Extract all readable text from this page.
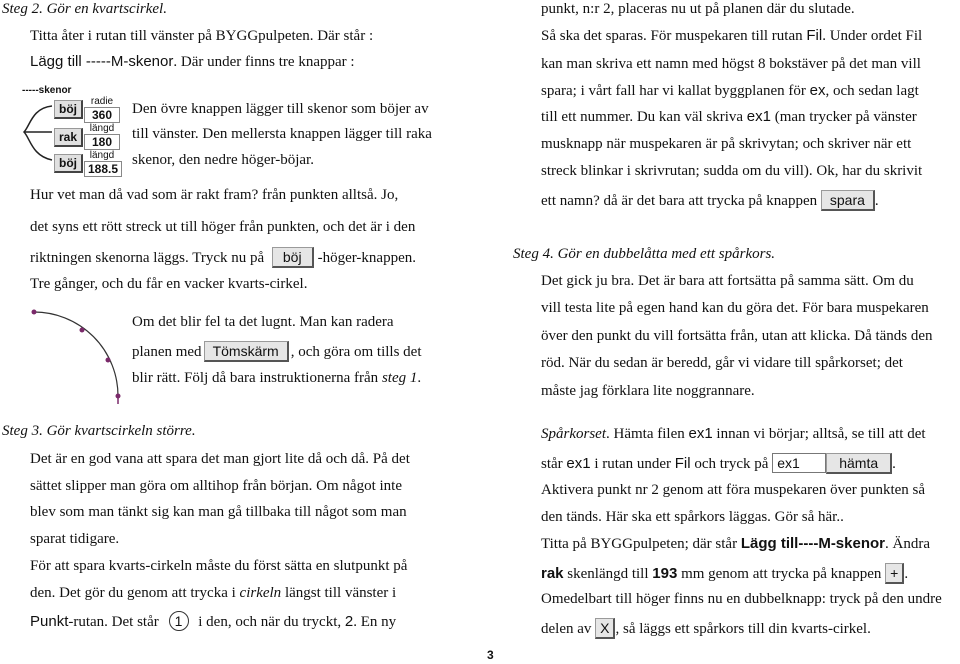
Steg 2. Gör en kvartscirkel.
Titta åter i rutan till vänster på BYGGpulpeten. Där står :
Lägg till -----M-skenor. Där under finns tre knappar :
-----skenor
böj
radie
360
rak
längd
180
böj
längd
188.5
Den övre knappen lägger till skenor som böjer av
till vänster. Den mellersta knappen lägger till raka
skenor, den nedre höger-böjar.
Hur vet man då vad som är rakt fram? från punkten alltså. Jo,
det syns ett rött streck ut till höger från punkten, och det är i den
riktningen skenorna läggs. Tryck nu på böj -höger-knappen.
Tre gånger, och du får en vacker kvarts-cirkel.
Om det blir fel ta det lugnt. Man kan radera
planen med Tömskärm , och göra om tills det
blir rätt. Följ då bara instruktionerna från steg 1.
Steg 3. Gör kvartscirkeln större.
Det är en god vana att spara det man gjort lite då och då. På det
sättet slipper man göra om alltihop från början. Om något inte
blev som man tänkt sig kan man gå tillbaka till något som man
sparat tidigare.
För att spara kvarts-cirkeln måste du först sätta en slutpunkt på
den. Det gör du genom att trycka i cirkeln längst till vänster i
Punkt-rutan. Det står 1 i den, och när du tryckt, 2. En ny
punkt, n:r 2, placeras nu ut på planen där du slutade.
Så ska det sparas. För muspekaren till rutan Fil. Under ordet Fil
kan man skriva ett namn med högst 8 bokstäver på det man vill
spara; i vårt fall har vi kallat byggplanen för ex, och sedan lagt
till ett nummer. Du kan väl skriva ex1 (man trycker på vänster
musknapp när muspekaren är på skrivytan; och skriver när ett
streck blinkar i skrivrutan; sudda om du vill). Ok, har du skrivit
ett namn? då är det bara att trycka på knappen spara .
Steg 4. Gör en dubbelåtta med ett spårkors.
Det gick ju bra. Det är bara att fortsätta på samma sätt. Om du
vill testa lite på egen hand kan du göra det. För bara muspekaren
över den punkt du vill fortsätta från, utan att klicka. Då tänds den
röd. När du sedan är beredd, går vi vidare till spårkorset; det
måste jag förklara lite noggrannare.
Spårkorset. Hämta filen ex1 innan vi börjar; alltså, se till att det
står ex1 i rutan under Fil och tryck på ex1	hämta .
Aktivera punkt nr 2 genom att föra muspekaren över punkten så
den tänds. Här ska ett spårkors läggas. Gör så här..
Titta på BYGGpulpeten; där står Lägg till----M-skenor. Ändra
rak skenlängd till 193 mm genom att trycka på knappen + .
Omedelbart till höger finns nu en dubbelknapp: tryck på den undre
delen av X , så läggs ett spårkors till din kvarts-cirkel.
3
